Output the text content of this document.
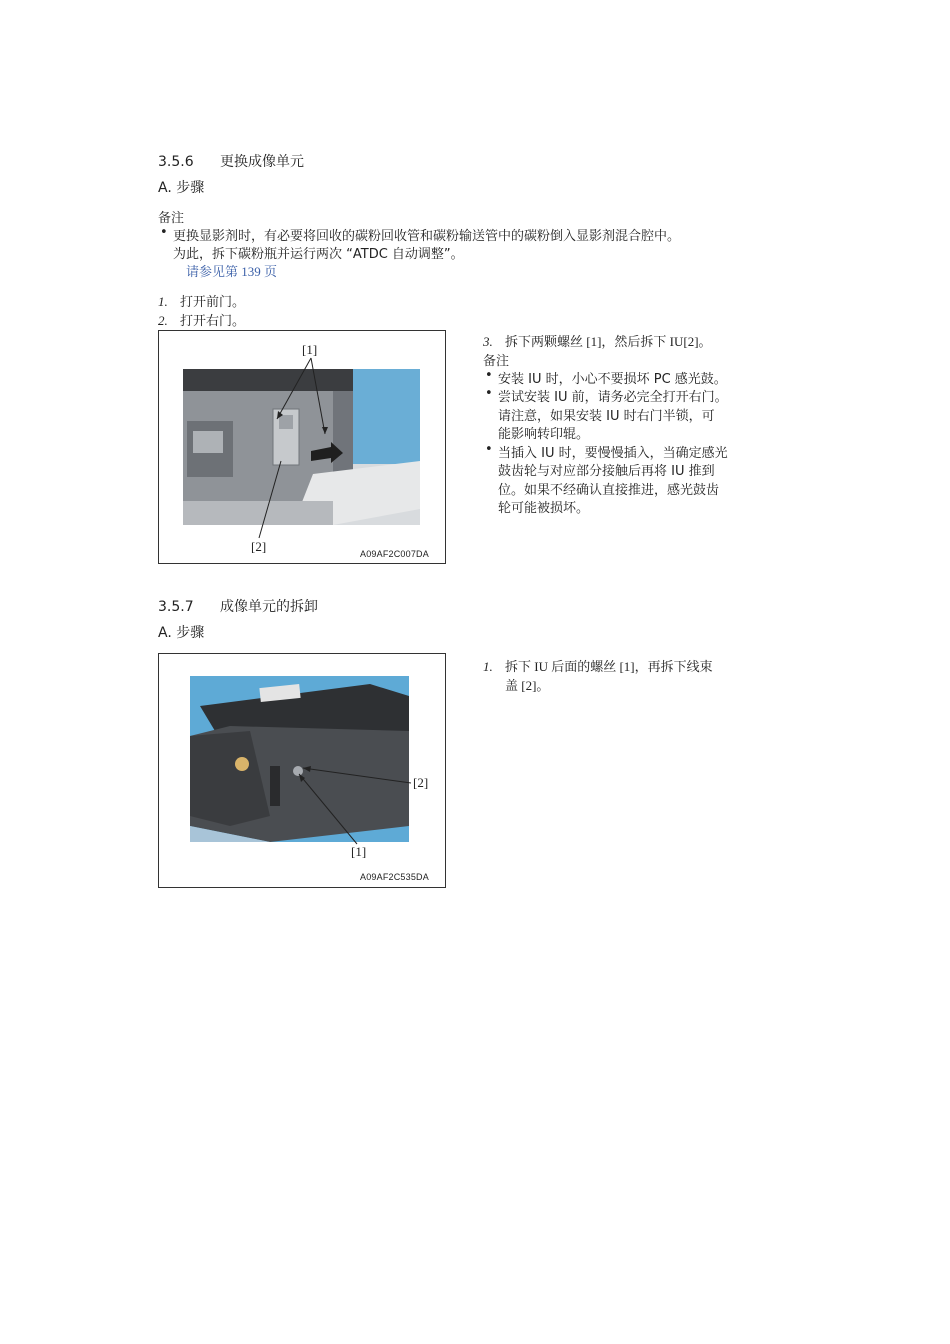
3.5.6 更换成像单元
A. 步骤
备注
• 更换显影剂时，有必要将回收的碳粉回收管和碳粉输送管中的碳粉倒入显影剂混合腔中。
为此，拆下碳粉瓶并运行两次 “ATDC 自动调整”。
请参见第 139 页
1. 打开前门。
2. 打开右门。
[1]
[2]	A09AF2C007DA
3. 拆下两颗螺丝 [1]，然后拆下 IU[2]。
备注
• 安装 IU 时，小心不要损坏 PC 感光鼓。
• 尝试安装 IU 前，请务必完全打开右门。
请注意，如果安装 IU 时右门半锁，可
能影响转印辊。
• 当插入 IU 时，要慢慢插入，当确定感光
鼓齿轮与对应部分接触后再将 IU 推到
位。如果不经确认直接推进，感光鼓齿
轮可能被损坏。
3.5.7 成像单元的拆卸
A. 步骤
[2]
[1]
A09AF2C535DA
1. 拆下 IU 后面的螺丝 [1]，再拆下线束
盖 [2]。
